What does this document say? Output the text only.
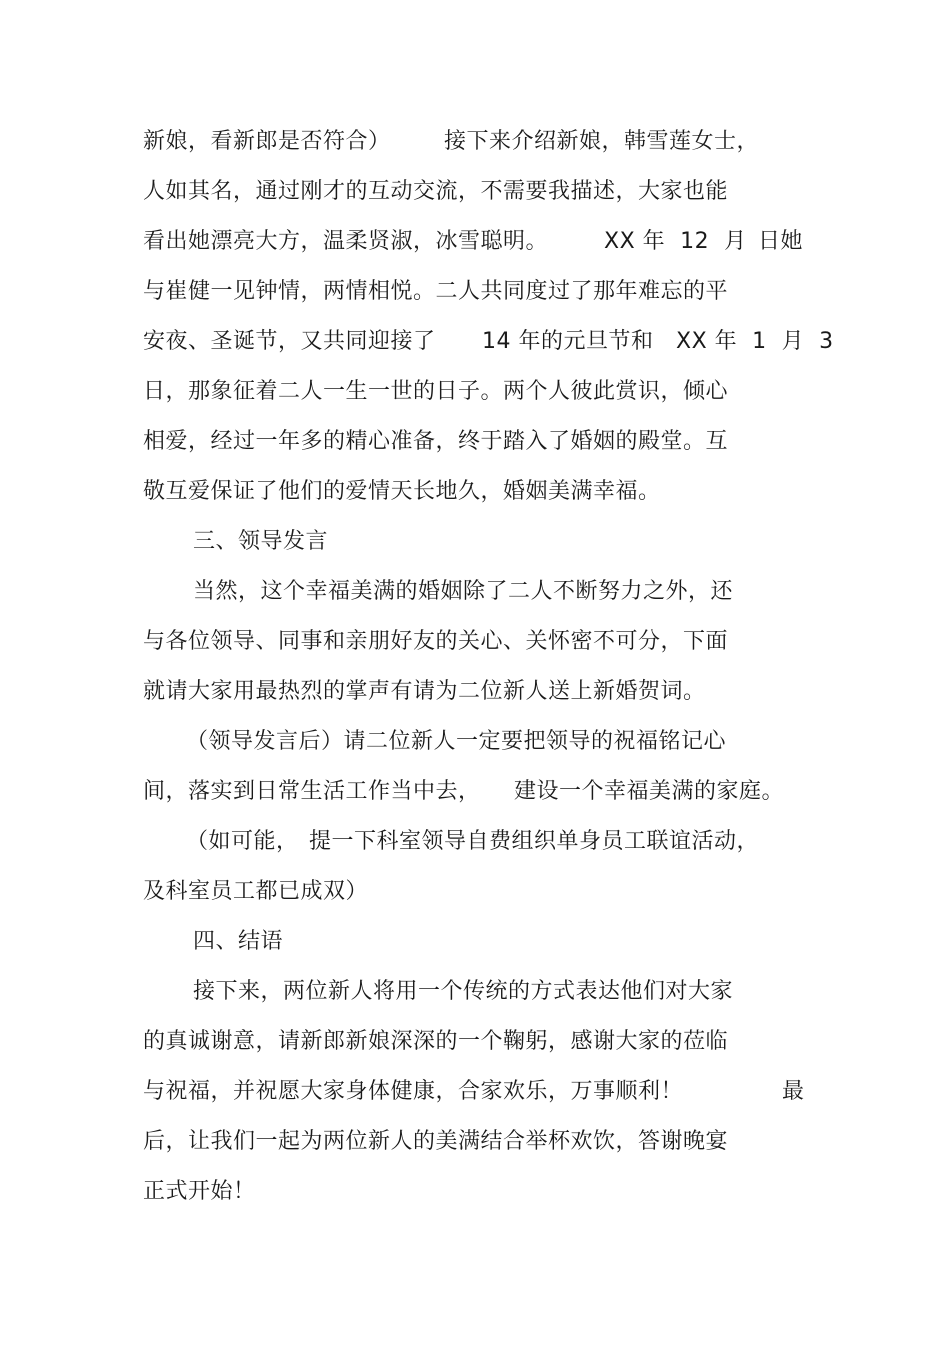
新娘，看新郎是否符合）

接下来介绍新娘，韩雪莲女士，

人如其名，通过刚才的互动交流，不需要我描述，大家也能

看出她漂亮大方，温柔贤淑，冰雪聪明。

	XX 年  12  月

日她

与崔健一见钟情，两情相悦。二人共同度过了那年难忘的平

安夜、圣诞节，又共同迎接了

14 年的元旦节和

XX 年  1  月  3

日，那象征着二人一生一世的日子。两个人彼此赏识，倾心

相爱，经过一年多的精心准备，终于踏入了婚姻的殿堂。互

敬互爱保证了他们的爱情天长地久，婚姻美满幸福。

三、领导发言

当然，这个幸福美满的婚姻除了二人不断努力之外，还

与各位领导、同事和亲朋好友的关心、关怀密不可分，下面

就请大家用最热烈的掌声有请为二位新人送上新婚贺词。

（领导发言后）请二位新人一定要把领导的祝福铭记心

间，落实到日常生活工作当中去，

建设一个幸福美满的家庭。

（如可能，

提一下科室领导自费组织单身员工联谊活动，

及科室员工都已成双）

四、结语

接下来，两位新人将用一个传统的方式表达他们对大家

的真诚谢意，请新郎新娘深深的一个鞠躬，感谢大家的莅临

与祝福，并祝愿大家身体健康，合家欢乐，万事顺利！

	最

后，让我们一起为两位新人的美满结合举杯欢饮，答谢晚宴

正式开始！
